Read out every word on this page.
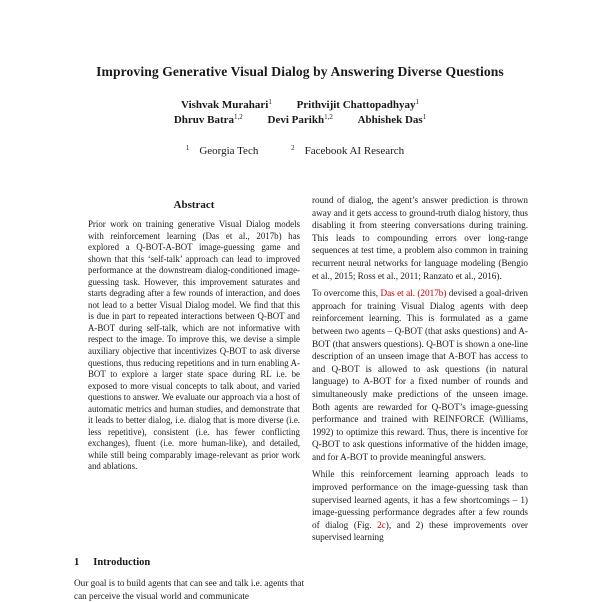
Improving Generative Visual Dialog by Answering Diverse Questions
Vishvak Murahari$^1$ Prithvijit Chattopadhyay$^1$
Dhruv Batra$^{1,2}$ Devi Parikh$^{1,2}$ Abhishek Das$^1$
$^1$ Georgia Tech	$^2$ Facebook AI Research
Abstract
Prior work on training generative Visual Dialog models with reinforcement learning (Das et al., 2017b) has explored a Q-BOT-A-BOT image-guessing game and shown that this ‘self-talk’ approach can lead to improved performance at the downstream dialog-conditioned image-guessing task. However, this improvement saturates and starts degrading after a few rounds of interaction, and does not lead to a better Visual Dialog model. We find that this is due in part to repeated interactions between Q-BOT and A-BOT during self-talk, which are not informative with respect to the image. To improve this, we devise a simple auxiliary objective that incentivizes Q-BOT to ask diverse questions, thus reducing repetitions and in turn enabling A-BOT to explore a larger state space during RL i.e. be exposed to more visual concepts to talk about, and varied questions to answer. We evaluate our approach via a host of automatic metrics and human studies, and demonstrate that it leads to better dialog, i.e. dialog that is more diverse (i.e. less repetitive), consistent (i.e. has fewer conflicting exchanges), fluent (i.e. more human-like), and detailed, while still being comparably image-relevant as prior work and ablations.

round of dialog, the agent’s answer prediction is thrown away and it gets access to ground-truth dialog history, thus disabling it from steering conversations during training. This leads to compounding errors over long-range sequences at test time, a problem also common in training recurrent neural networks for language modeling (Bengio et al., 2015; Ross et al., 2011; Ranzato et al., 2016).

To overcome this, Das et al. (2017b) devised a goal-driven approach for training Visual Dialog agents with deep reinforcement learning. This is formulated as a game between two agents – Q-BOT (that asks questions) and A-BOT (that answers questions). Q-BOT is shown a one-line description of an unseen image that A-BOT has access to and Q-BOT is allowed to ask questions (in natural language) to A-BOT for a fixed number of rounds and simultaneously make predictions of the unseen image. Both agents are rewarded for Q-BOT’s image-guessing performance and trained with REINFORCE (Williams, 1992) to optimize this reward. Thus, there is incentive for Q-BOT to ask questions informative of the hidden image, and for A-BOT to provide meaningful answers.

While this reinforcement learning approach leads to improved performance on the image-guessing task than supervised learned agents, it has a few shortcomings – 1) image-guessing performance degrades after a few rounds of dialog (Fig. 2c), and 2) these improvements over supervised learning

1 Introduction
Our goal is to build agents that can see and talk i.e. agents that can perceive the visual world and communicate
